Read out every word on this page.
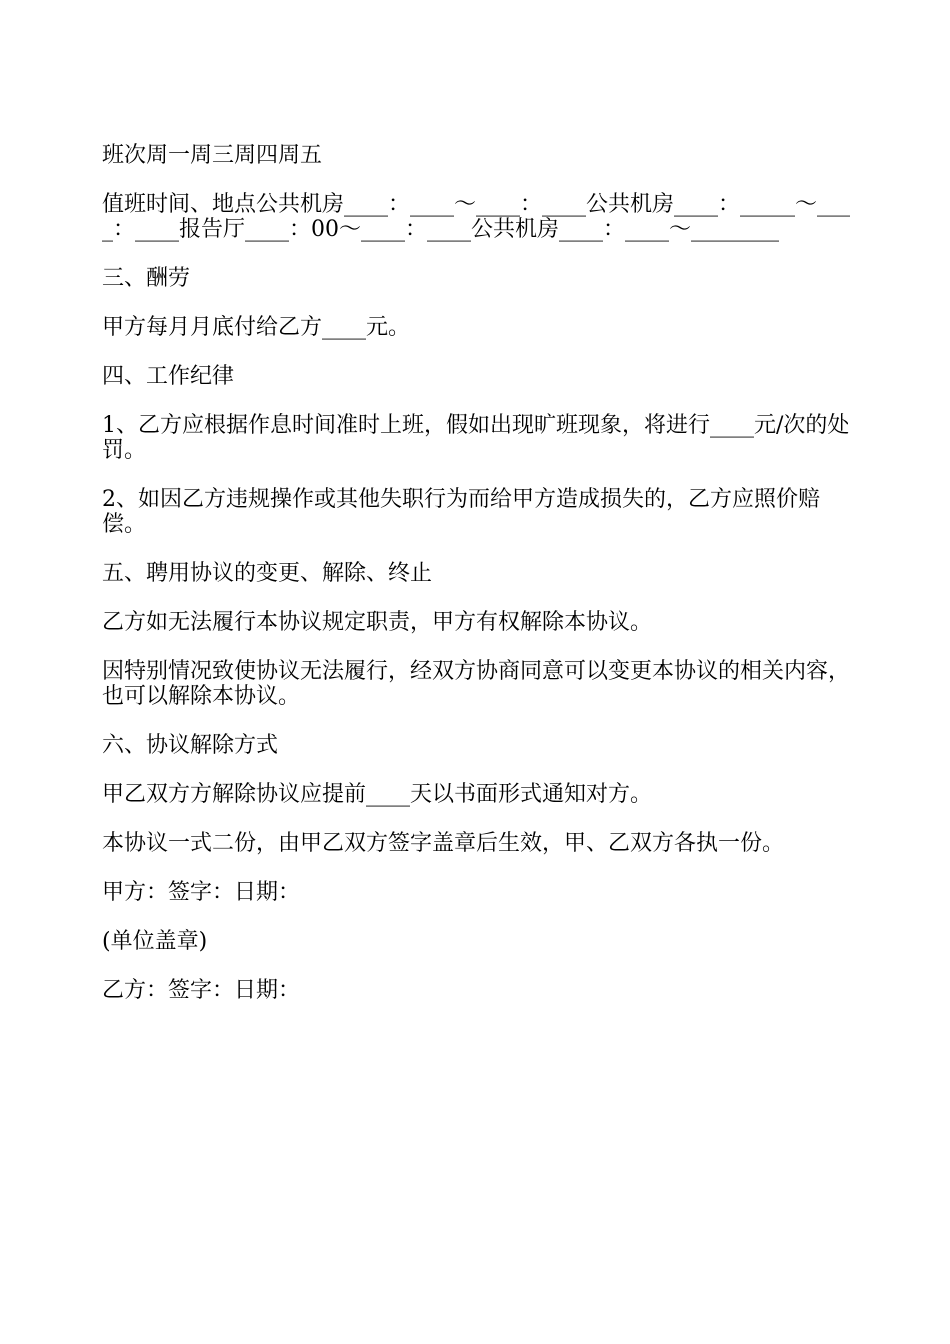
班次周一周三周四周五

值班时间、地点公共机房____：____～____：____公共机房____：_____～____：____报告厅____：00～____：____公共机房____：____～________

三、酬劳

甲方每月月底付给乙方____元。

四、工作纪律

1、乙方应根据作息时间准时上班，假如出现旷班现象，将进行____元/次的处罚。

2、如因乙方违规操作或其他失职行为而给甲方造成损失的，乙方应照价赔偿。

五、聘用协议的变更、解除、终止

乙方如无法履行本协议规定职责，甲方有权解除本协议。

因特别情况致使协议无法履行，经双方协商同意可以变更本协议的相关内容，也可以解除本协议。

六、协议解除方式

甲乙双方方解除协议应提前____天以书面形式通知对方。

本协议一式二份，由甲乙双方签字盖章后生效，甲、乙双方各执一份。

甲方：签字：日期：

(单位盖章)

乙方：签字：日期：
